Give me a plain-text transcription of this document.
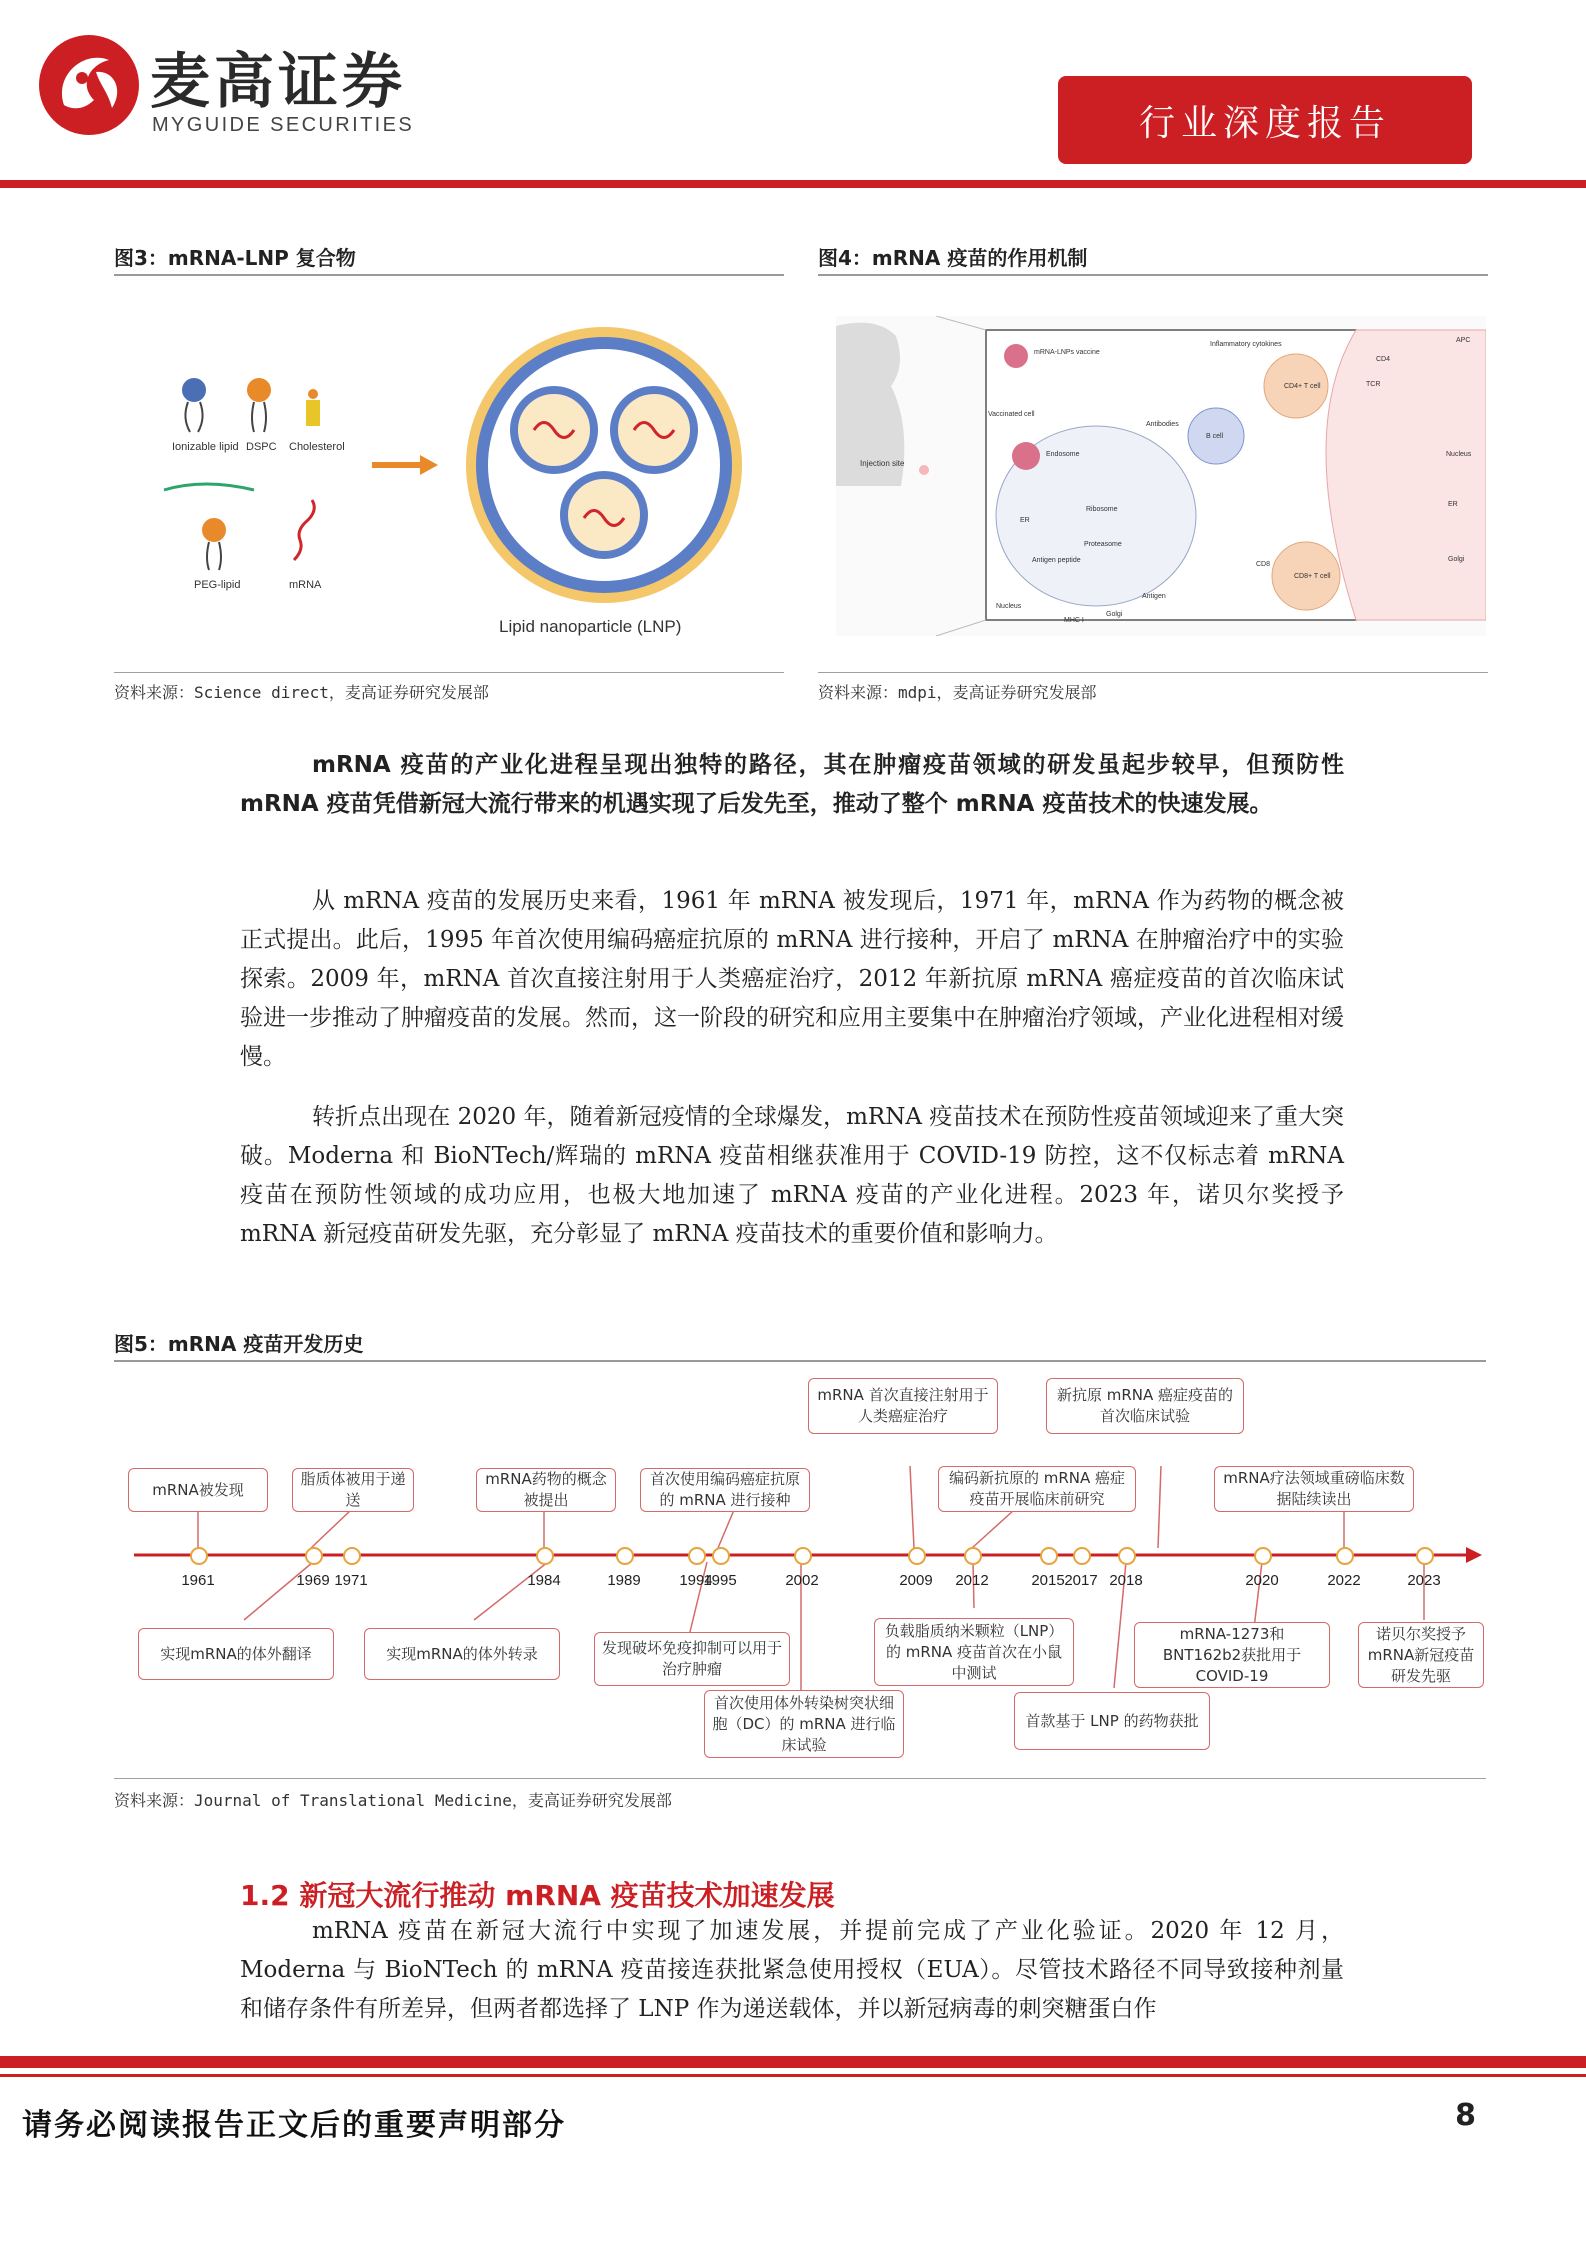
麦高证券
MYGUIDE SECURITIES	行业深度报告
图3：mRNA-LNP 复合物
Ionizable lipid DSPC Cholesterol
PEG-lipid	mRNA
Lipid nanoparticle (LNP)
资料来源：Science direct，麦高证券研究发展部
图4：mRNA 疫苗的作用机制
Injection site
mRNA-LNPs vaccine
Vaccinated cell
Endosome
Ribosome
Proteasome
Antigen peptide
Antigen
ER
Nucleus
Golgi
MHC I
B cell
Antibodies
Inflammatory cytokines
CD4+ T cell
CD8+ T cell
APC
TCR
CD4
CD8
Nucleus
ER
Golgi
资料来源：mdpi，麦高证券研究发展部
mRNA 疫苗的产业化进程呈现出独特的路径，其在肿瘤疫苗领域的研发虽起步较早，但预防性 mRNA 疫苗凭借新冠大流行带来的机遇实现了后发先至，推动了整个 mRNA 疫苗技术的快速发展。
从 mRNA 疫苗的发展历史来看，1961 年 mRNA 被发现后，1971 年，mRNA 作为药物的概念被正式提出。此后，1995 年首次使用编码癌症抗原的 mRNA 进行接种，开启了 mRNA 在肿瘤治疗中的实验探索。2009 年，mRNA 首次直接注射用于人类癌症治疗，2012 年新抗原 mRNA 癌症疫苗的首次临床试验进一步推动了肿瘤疫苗的发展。然而，这一阶段的研究和应用主要集中在肿瘤治疗领域，产业化进程相对缓慢。
转折点出现在 2020 年，随着新冠疫情的全球爆发，mRNA 疫苗技术在预防性疫苗领域迎来了重大突破。Moderna 和 BioNTech/辉瑞的 mRNA 疫苗相继获准用于 COVID-19 防控，这不仅标志着 mRNA 疫苗在预防性领域的成功应用，也极大地加速了 mRNA 疫苗的产业化进程。2023 年，诺贝尔奖授予 mRNA 新冠疫苗研发先驱，充分彰显了 mRNA 疫苗技术的重要价值和影响力。
图5：mRNA 疫苗开发历史
1961	1969 1971	1984	1989	1994
1995	2002	2009 2012	2015 2017 2018	2020	2022	2023
mRNA被发现
脂质体被用于递送
mRNA药物的概念被提出
首次使用编码癌症抗原的 mRNA 进行接种
mRNA 首次直接注射用于人类癌症治疗
编码新抗原的 mRNA 癌症疫苗开展临床前研究
新抗原 mRNA 癌症疫苗的首次临床试验
mRNA疗法领域重磅临床数据陆续读出
实现mRNA的体外翻译	实现mRNA的体外转录	发现破坏免疫抑制可以用于治疗肿瘤
首次使用体外转染树突状细胞（DC）的 mRNA 进行临床试验
负载脂质纳米颗粒（LNP）的 mRNA 疫苗首次在小鼠中测试
首款基于 LNP 的药物获批
mRNA-1273和BNT162b2获批用于COVID-19
诺贝尔奖授予mRNA新冠疫苗研发先驱
资料来源：Journal of Translational Medicine，麦高证券研究发展部
1.2 新冠大流行推动 mRNA 疫苗技术加速发展
mRNA 疫苗在新冠大流行中实现了加速发展，并提前完成了产业化验证。2020 年 12 月，Moderna 与 BioNTech 的 mRNA 疫苗接连获批紧急使用授权（EUA）。尽管技术路径不同导致接种剂量和储存条件有所差异，但两者都选择了 LNP 作为递送载体，并以新冠病毒的刺突糖蛋白作
请务必阅读报告正文后的重要声明部分	8
